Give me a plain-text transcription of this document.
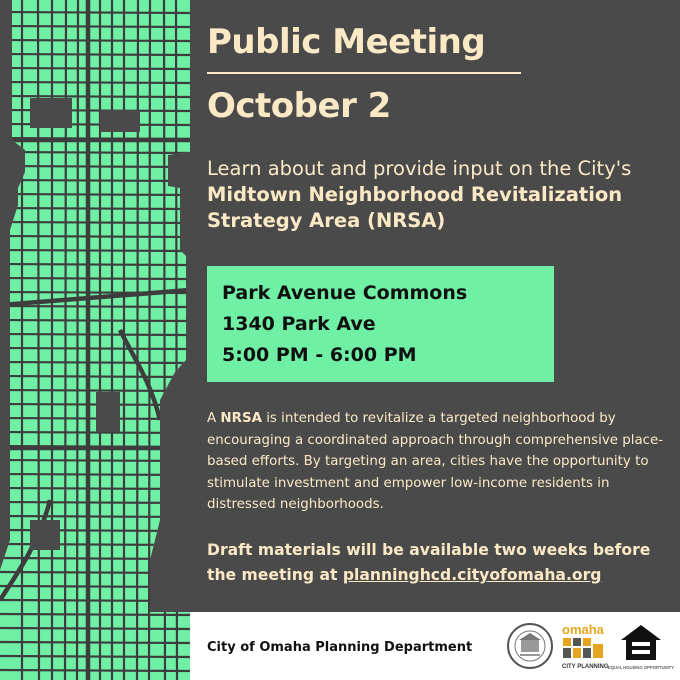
Public Meeting
October 2
Learn about and provide input on the City's Midtown Neighborhood Revitalization Strategy Area (NRSA)
Park Avenue Commons
1340 Park Ave
5:00 PM - 6:00 PM
A NRSA is intended to revitalize a targeted neighborhood by encouraging a coordinated approach through comprehensive place-based efforts. By targeting an area, cities have the opportunity to stimulate investment and empower low-income residents in distressed neighborhoods.
Draft materials will be available two weeks before the meeting at planninghcd.cityofomaha.org
City of Omaha Planning Department
omaha
CITY PLANNING EQUAL HOUSING OPPORTUNITY
